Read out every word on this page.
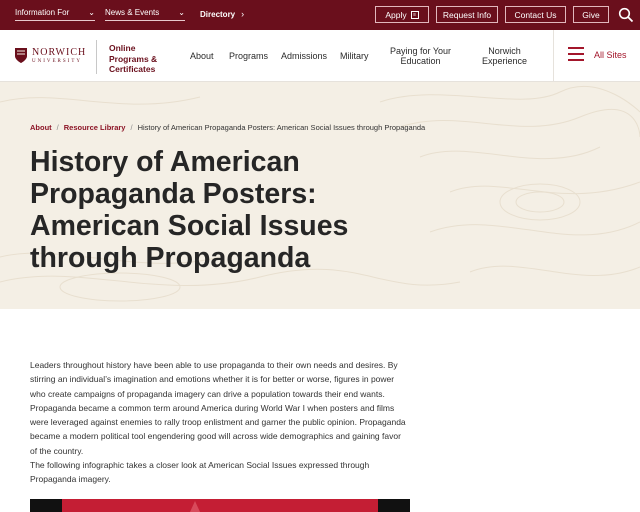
Information For ⌄ News & Events ⌄ Directory ›	Apply	≡	Request Info	Contact Us	Give
NORWICH
UNIVERSITY
Online
Programs &
Certificates
About Programs Admissions Military
Paying for Your
Education
Norwich
Experience
All Sites
About / Resource Library / History of American Propaganda Posters: American Social Issues through Propaganda
History of American
Propaganda Posters:
American Social Issues
through Propaganda
Leaders throughout history have been able to use propaganda to their own needs and desires. By
stirring an individual’s imagination and emotions whether it is for better or worse, figures in power
who create campaigns of propaganda imagery can drive a population towards their end wants.
Propaganda became a common term around America during World War I when posters and films
were leveraged against enemies to rally troop enlistment and garner the public opinion. Propaganda
became a modern political tool engendering good will across wide demographics and gaining favor
of the country.
The following infographic takes a closer look at American Social Issues expressed through
Propaganda imagery.
